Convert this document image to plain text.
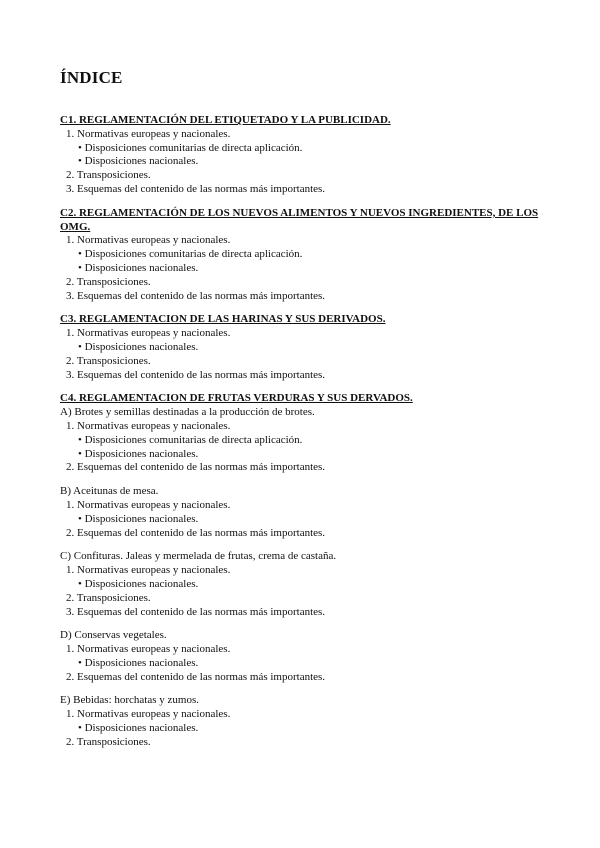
ÍNDICE
C1. REGLAMENTACIÓN DEL ETIQUETADO Y LA PUBLICIDAD.
1. Normativas europeas y nacionales.
• Disposiciones comunitarias de directa aplicación.
• Disposiciones nacionales.
2. Transposiciones.
3. Esquemas del contenido de las normas más importantes.
C2. REGLAMENTACIÓN DE LOS NUEVOS ALIMENTOS Y NUEVOS INGREDIENTES, DE LOS OMG.
1. Normativas europeas y nacionales.
• Disposiciones comunitarias de directa aplicación.
• Disposiciones nacionales.
2. Transposiciones.
3. Esquemas del contenido de las normas más importantes.
C3. REGLAMENTACION DE LAS HARINAS Y SUS DERIVADOS.
1. Normativas europeas y nacionales.
• Disposiciones nacionales.
2. Transposiciones.
3. Esquemas del contenido de las normas más importantes.
C4. REGLAMENTACION DE FRUTAS VERDURAS Y SUS DERVADOS.
A) Brotes y semillas destinadas a la producción de brotes.
1. Normativas europeas y nacionales.
• Disposiciones comunitarias de directa aplicación.
• Disposiciones nacionales.
2. Esquemas del contenido de las normas más importantes.
B) Aceitunas de mesa.
1. Normativas europeas y nacionales.
• Disposiciones nacionales.
2. Esquemas del contenido de las normas más importantes.
C) Confituras. Jaleas y mermelada de frutas, crema de castaña.
1. Normativas europeas y nacionales.
• Disposiciones nacionales.
2. Transposiciones.
3. Esquemas del contenido de las normas más importantes.
D) Conservas vegetales.
1. Normativas europeas y nacionales.
• Disposiciones nacionales.
2. Esquemas del contenido de las normas más importantes.
E) Bebidas: horchatas y zumos.
1. Normativas europeas y nacionales.
• Disposiciones nacionales.
2. Transposiciones.
